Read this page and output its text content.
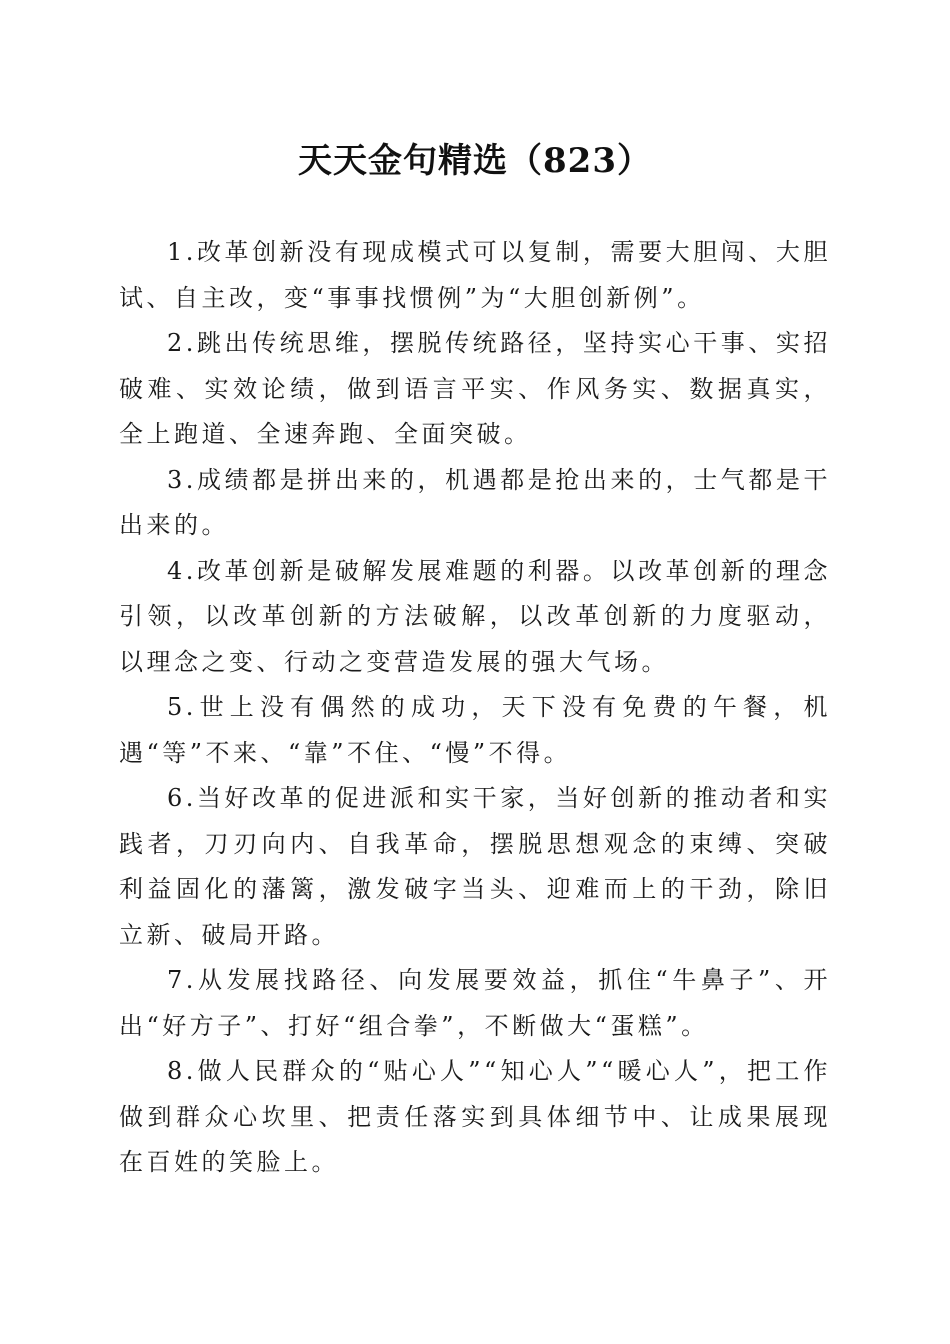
天天金句精选（823）

1.改革创新没有现成模式可以复制，需要大胆闯、大胆试、自主改，变“事事找惯例”为“大胆创新例”。

2.跳出传统思维，摆脱传统路径，坚持实心干事、实招破难、实效论绩，做到语言平实、作风务实、数据真实，全上跑道、全速奔跑、全面突破。

3.成绩都是拼出来的，机遇都是抢出来的，士气都是干出来的。

4.改革创新是破解发展难题的利器。以改革创新的理念引领，以改革创新的方法破解，以改革创新的力度驱动，以理念之变、行动之变营造发展的强大气场。

5.世上没有偶然的成功，天下没有免费的午餐，机遇“等”不来、“靠”不住、“慢”不得。

6.当好改革的促进派和实干家，当好创新的推动者和实践者，刀刃向内、自我革命，摆脱思想观念的束缚、突破利益固化的藩篱，激发破字当头、迎难而上的干劲，除旧立新、破局开路。

7.从发展找路径、向发展要效益，抓住“牛鼻子”、开出“好方子”、打好“组合拳”，不断做大“蛋糕”。

8.做人民群众的“贴心人”“知心人”“暖心人”，把工作做到群众心坎里、把责任落实到具体细节中、让成果展现在百姓的笑脸上。
